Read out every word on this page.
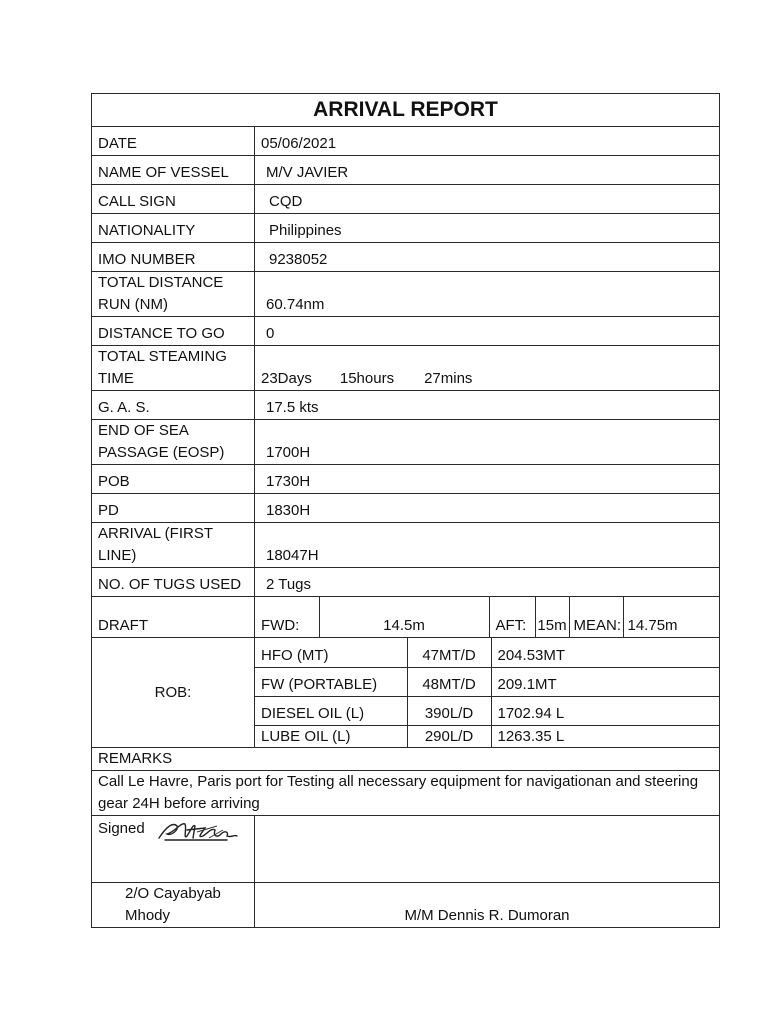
ARRIVAL REPORT
DATE	05/06/2021
NAME OF VESSEL	M/V JAVIER
CALL SIGN	CQD
NATIONALITY	Philippines
IMO NUMBER	9238052
TOTAL DISTANCE RUN (NM)	60.74nm
DISTANCE TO GO	0
TOTAL STEAMING TIME	23Days 15hours 27mins
G. A. S.	17.5 kts
END OF SEA PASSAGE (EOSP)	1700H
POB	1730H
PD	1830H
ARRIVAL (FIRST LINE)	18047H
NO. OF TUGS USED	2 Tugs
DRAFT		FWD:	14.5m	AFT:	15m	MEAN:	14.75m

ROB:	
HFO (MT)	47MT/D	204.53MT
FW (PORTABLE)	48MT/D	209.1MT
DIESEL OIL (L)	390L/D	1702.94 L
LUBE OIL (L)	290L/D	1263.35 L

REMARKS
Call Le Havre, Paris port for Testing all necessary equipment for navigationan and steering gear 24H before arriving

Signed

2/O Cayabyab Mhody	M/M Dennis R. Dumoran
